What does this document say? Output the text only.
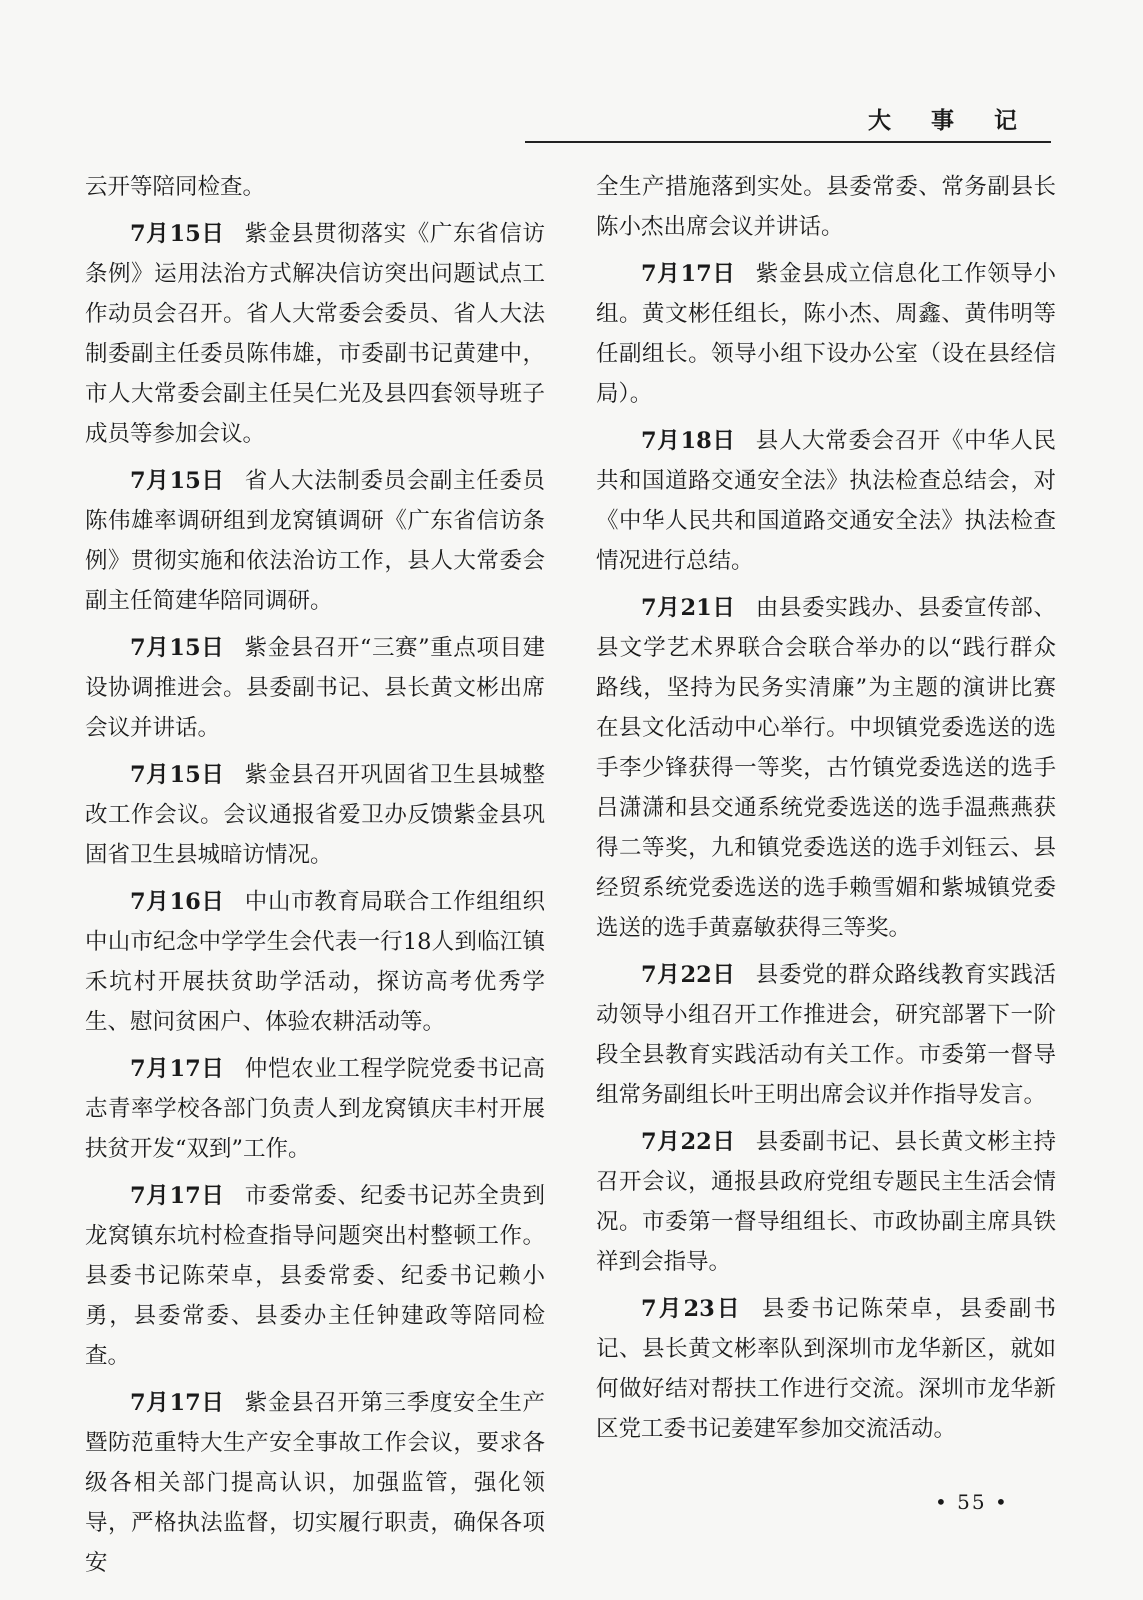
大 事 记

云开等陪同检查。

7月15日 紫金县贯彻落实《广东省信访条例》运用法治方式解决信访突出问题试点工作动员会召开。省人大常委会委员、省人大法制委副主任委员陈伟雄，市委副书记黄建中，市人大常委会副主任吴仁光及县四套领导班子成员等参加会议。

7月15日 省人大法制委员会副主任委员陈伟雄率调研组到龙窝镇调研《广东省信访条例》贯彻实施和依法治访工作，县人大常委会副主任简建华陪同调研。

7月15日 紫金县召开“三赛”重点项目建设协调推进会。县委副书记、县长黄文彬出席会议并讲话。

7月15日 紫金县召开巩固省卫生县城整改工作会议。会议通报省爱卫办反馈紫金县巩固省卫生县城暗访情况。

7月16日 中山市教育局联合工作组组织中山市纪念中学学生会代表一行18人到临江镇禾坑村开展扶贫助学活动，探访高考优秀学生、慰问贫困户、体验农耕活动等。

7月17日 仲恺农业工程学院党委书记高志青率学校各部门负责人到龙窝镇庆丰村开展扶贫开发“双到”工作。

7月17日 市委常委、纪委书记苏全贵到龙窝镇东坑村检查指导问题突出村整顿工作。县委书记陈荣卓，县委常委、纪委书记赖小勇，县委常委、县委办主任钟建政等陪同检查。

7月17日 紫金县召开第三季度安全生产暨防范重特大生产安全事故工作会议，要求各级各相关部门提高认识，加强监管，强化领导，严格执法监督，切实履行职责，确保各项安

全生产措施落到实处。县委常委、常务副县长陈小杰出席会议并讲话。

7月17日 紫金县成立信息化工作领导小组。黄文彬任组长，陈小杰、周鑫、黄伟明等任副组长。领导小组下设办公室（设在县经信局）。

7月18日 县人大常委会召开《中华人民共和国道路交通安全法》执法检查总结会，对《中华人民共和国道路交通安全法》执法检查情况进行总结。

7月21日 由县委实践办、县委宣传部、县文学艺术界联合会联合举办的以“践行群众路线，坚持为民务实清廉”为主题的演讲比赛在县文化活动中心举行。中坝镇党委选送的选手李少锋获得一等奖，古竹镇党委选送的选手吕潇潇和县交通系统党委选送的选手温燕燕获得二等奖，九和镇党委选送的选手刘钰云、县经贸系统党委选送的选手赖雪媚和紫城镇党委选送的选手黄嘉敏获得三等奖。

7月22日 县委党的群众路线教育实践活动领导小组召开工作推进会，研究部署下一阶段全县教育实践活动有关工作。市委第一督导组常务副组长叶王明出席会议并作指导发言。

7月22日 县委副书记、县长黄文彬主持召开会议，通报县政府党组专题民主生活会情况。市委第一督导组组长、市政协副主席具铁祥到会指导。

7月23日 县委书记陈荣卓，县委副书记、县长黄文彬率队到深圳市龙华新区，就如何做好结对帮扶工作进行交流。深圳市龙华新区党工委书记姜建军参加交流活动。

• 55 •
